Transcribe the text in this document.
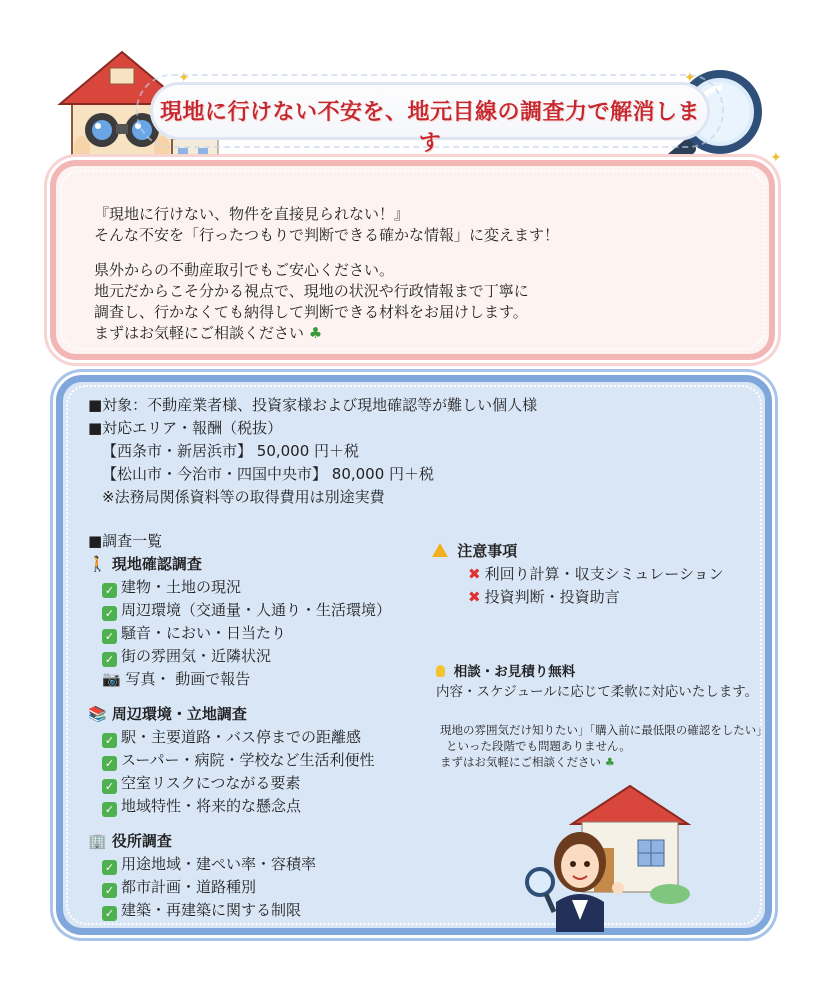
✦
現地に行けない不安を、地元目線の調査力で解消します
『現地に行けない、物件を直接見られない！』
そんな不安を「行ったつもりで判断できる確かな情報」に変えます！
県外からの不動産取引でもご安心ください。
地元だからこそ分かる視点で、現地の状況や行政情報まで丁寧に
調査し、行かなくても納得して判断できる材料をお届けします。
まずはお気軽にご相談ください ♣
■対象：不動産業者様、投資家様および現地確認等が難しい個人様
■対応エリア・報酬（税抜）
【西条市・新居浜市】 50,000 円＋税
【松山市・今治市・四国中央市】 80,000 円＋税
※法務局関係資料等の取得費用は別途実費
■調査一覧
🚶 現地確認調査
✓ 建物・土地の現況
✓ 周辺環境（交通量・人通り・生活環境）
✓ 騒音・におい・日当たり
✓ 街の雰囲気・近隣状況
📷 写真・ 動画で報告
📚 周辺環境・立地調査
✓ 駅・主要道路・バス停までの距離感
✓ スーパー・病院・学校など生活利便性
✓ 空室リスクにつながる要素
✓ 地域特性・将来的な懸念点
🏢 役所調査
✓ 用途地域・建ぺい率・容積率
✓ 都市計画・道路種別
✓ 建築・再建築に関する制限
注意事項
✖ 利回り計算・収支シミュレーション
✖ 投資判断・投資助言
相談・お見積り無料
内容・スケジュールに応じて柔軟に対応いたします。
現地の雰囲気だけ知りたい」「購入前に最低限の確認をしたい」
といった段階でも問題ありません。
まずはお気軽にご相談ください ♣
